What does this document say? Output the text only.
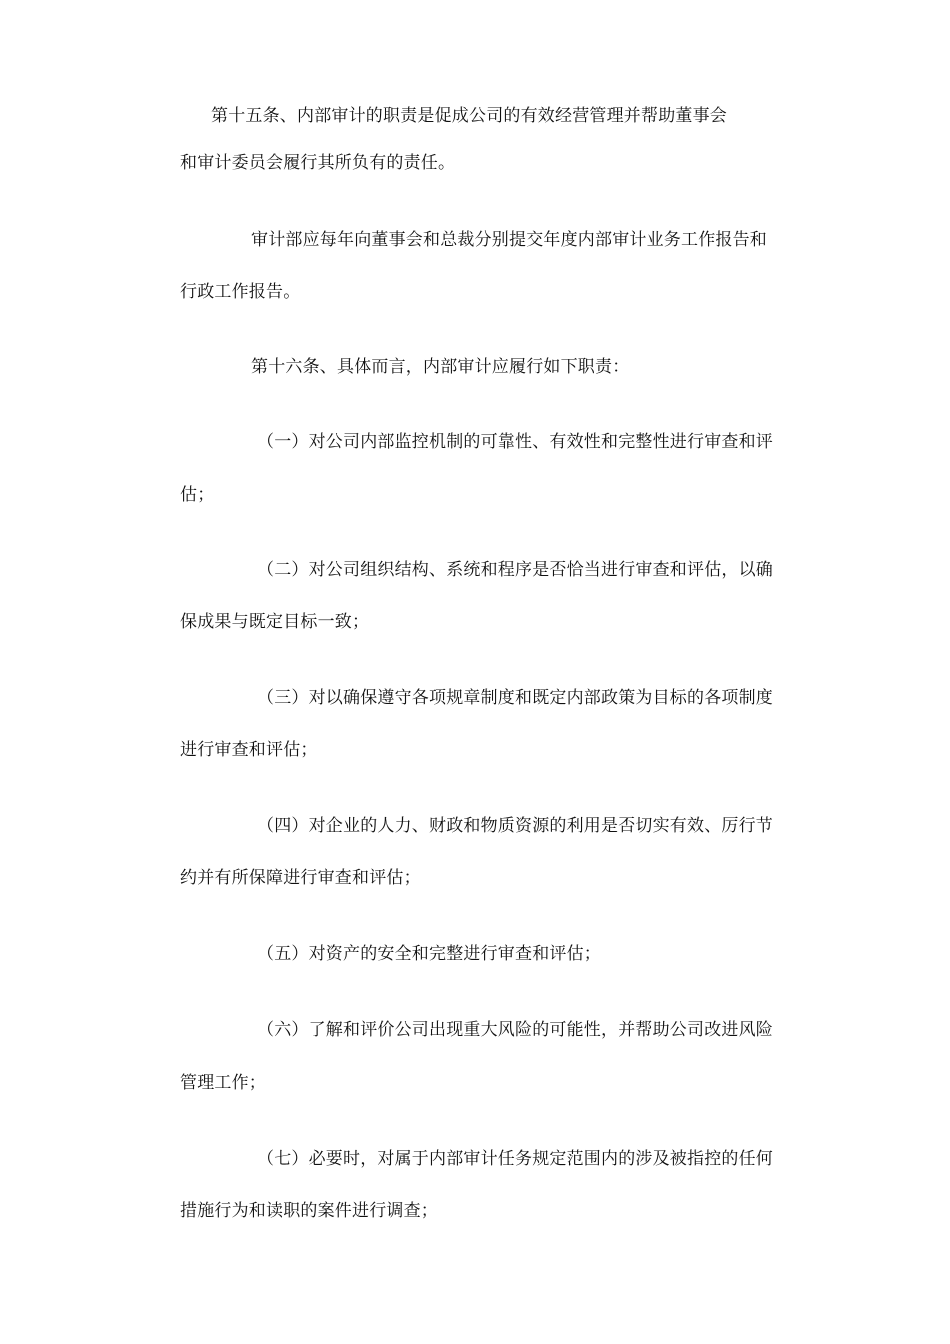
第十五条、内部审计的职责是促成公司的有效经营管理并帮助董事会
和审计委员会履行其所负有的责任。
审计部应每年向董事会和总裁分别提交年度内部审计业务工作报告和
行政工作报告。
第十六条、具体而言，内部审计应履行如下职责：
（一）对公司内部监控机制的可靠性、有效性和完整性进行审查和评
估；
（二）对公司组织结构、系统和程序是否恰当进行审查和评估，以确
保成果与既定目标一致；
（三）对以确保遵守各项规章制度和既定内部政策为目标的各项制度
进行审查和评估；
（四）对企业的人力、财政和物质资源的利用是否切实有效、厉行节
约并有所保障进行审查和评估；
（五）对资产的安全和完整进行审查和评估；
（六）了解和评价公司出现重大风险的可能性，并帮助公司改进风险
管理工作；
（七）必要时，对属于内部审计任务规定范围内的涉及被指控的任何
措施行为和读职的案件进行调查；
